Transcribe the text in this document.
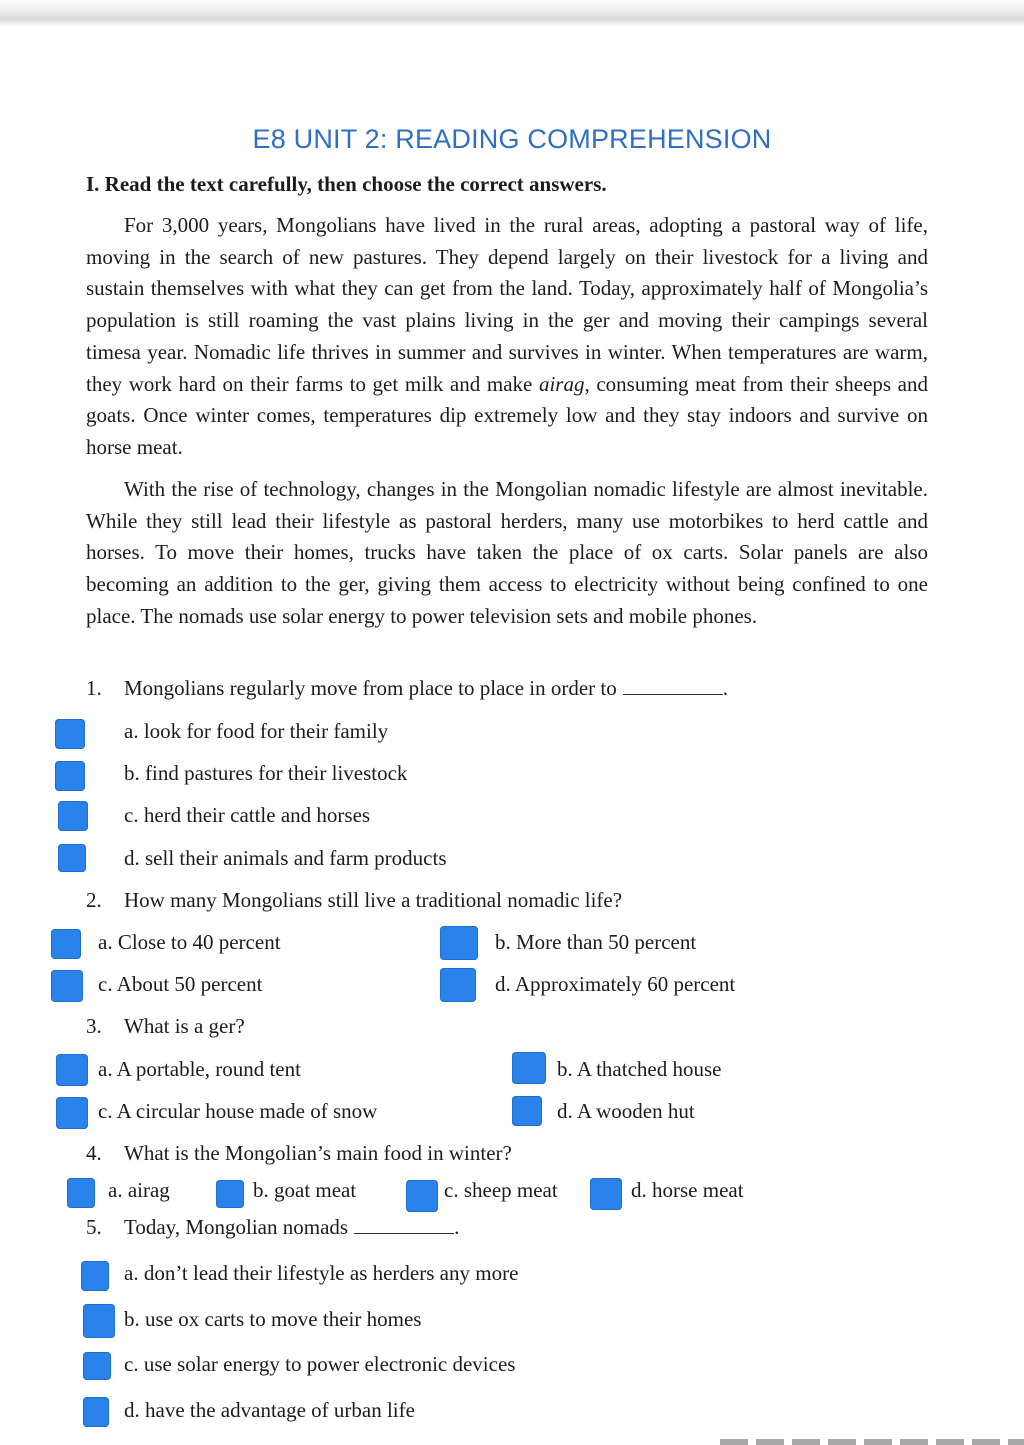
E8 UNIT 2: READING COMPREHENSION
I. Read the text carefully, then choose the correct answers.

For 3,000 years, Mongolians have lived in the rural areas, adopting a pastoral way of life, moving in the search of new pastures. They depend largely on their livestock for a living and sustain themselves with what they can get from the land. Today, approximately half of Mongolia’s population is still roaming the vast plains living in the ger and moving their campings several timesa year. Nomadic life thrives in summer and survives in winter. When temperatures are warm, they work hard on their farms to get milk and make airag, consuming meat from their sheeps and goats. Once winter comes, temperatures dip extremely low and they stay indoors and survive on horse meat.

With the rise of technology, changes in the Mongolian nomadic lifestyle are almost inevitable. While they still lead their lifestyle as pastoral herders, many use motorbikes to herd cattle and horses. To move their homes, trucks have taken the place of ox carts. Solar panels are also becoming an addition to the ger, giving them access to electricity without being confined to one place. The nomads use solar energy to power television sets and mobile phones.

1. Mongolians regularly move from place to place in order to	.
a. look for food for their family
b. find pastures for their livestock
c. herd their cattle and horses
d. sell their animals and farm products
2. How many Mongolians still live a traditional nomadic life?
a. Close to 40 percent	b. More than 50 percent
c. About 50 percent	d. Approximately 60 percent
3. What is a ger?
a. A portable, round tent	b. A thatched house
c. A circular house made of snow	d. A wooden hut
4. What is the Mongolian’s main food in winter?
a. airag	b. goat meat	c. sheep meat	d. horse meat
5. Today, Mongolian nomads	.
a. don’t lead their lifestyle as herders any more
b. use ox carts to move their homes
c. use solar energy to power electronic devices
d. have the advantage of urban life
